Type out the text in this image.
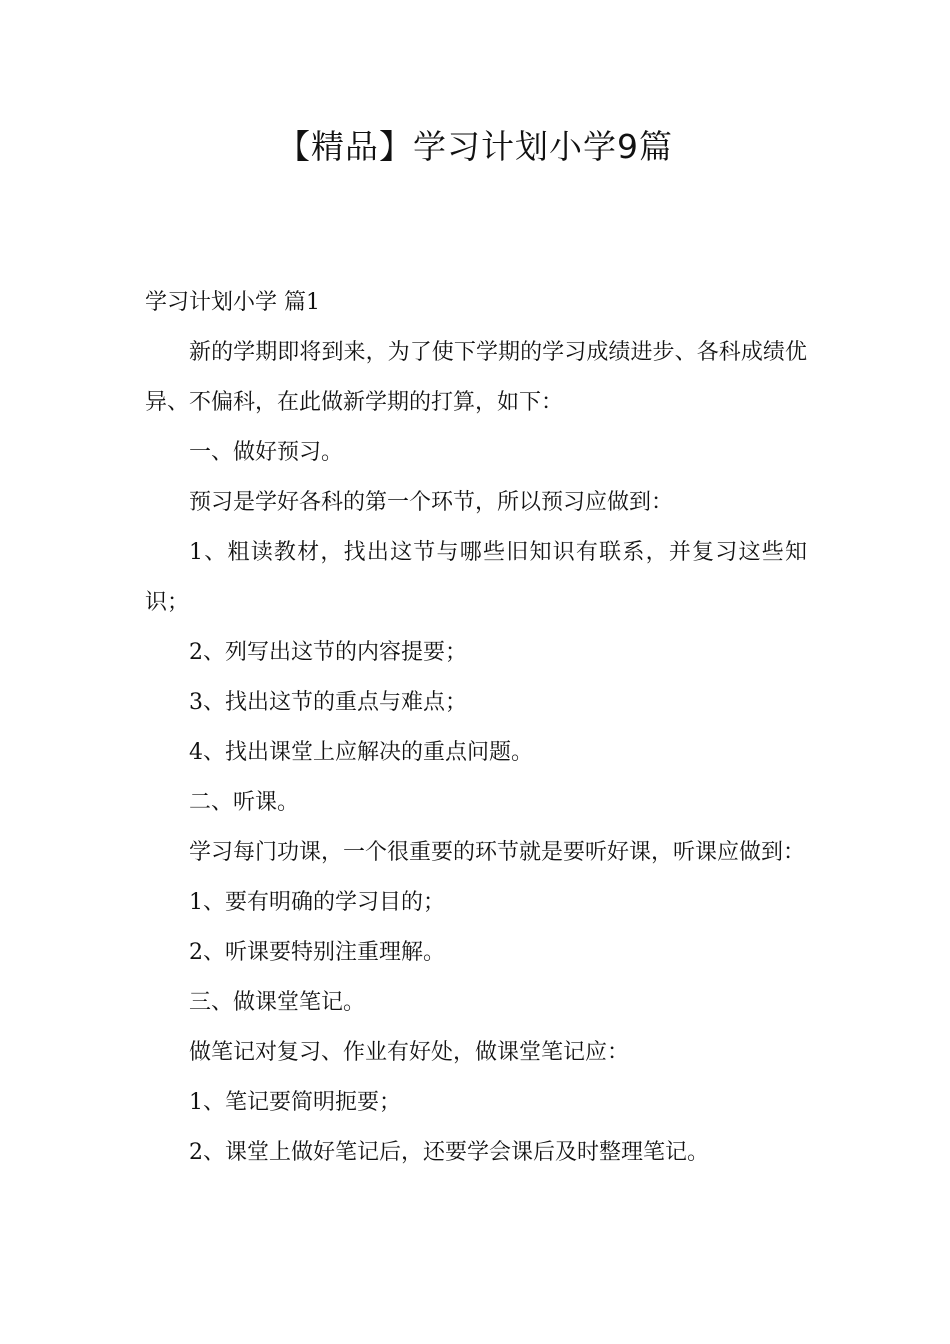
【精品】学习计划小学9篇

学习计划小学 篇1

新的学期即将到来，为了使下学期的学习成绩进步、各科成绩优异、不偏科，在此做新学期的打算，如下：

一、做好预习。

预习是学好各科的第一个环节，所以预习应做到：

1、粗读教材，找出这节与哪些旧知识有联系，并复习这些知识；

2、列写出这节的内容提要；

3、找出这节的重点与难点；

4、找出课堂上应解决的重点问题。

二、听课。

学习每门功课，一个很重要的环节就是要听好课，听课应做到：

1、要有明确的学习目的；

2、听课要特别注重理解。

三、做课堂笔记。

做笔记对复习、作业有好处，做课堂笔记应：

1、笔记要简明扼要；

2、课堂上做好笔记后，还要学会课后及时整理笔记。
